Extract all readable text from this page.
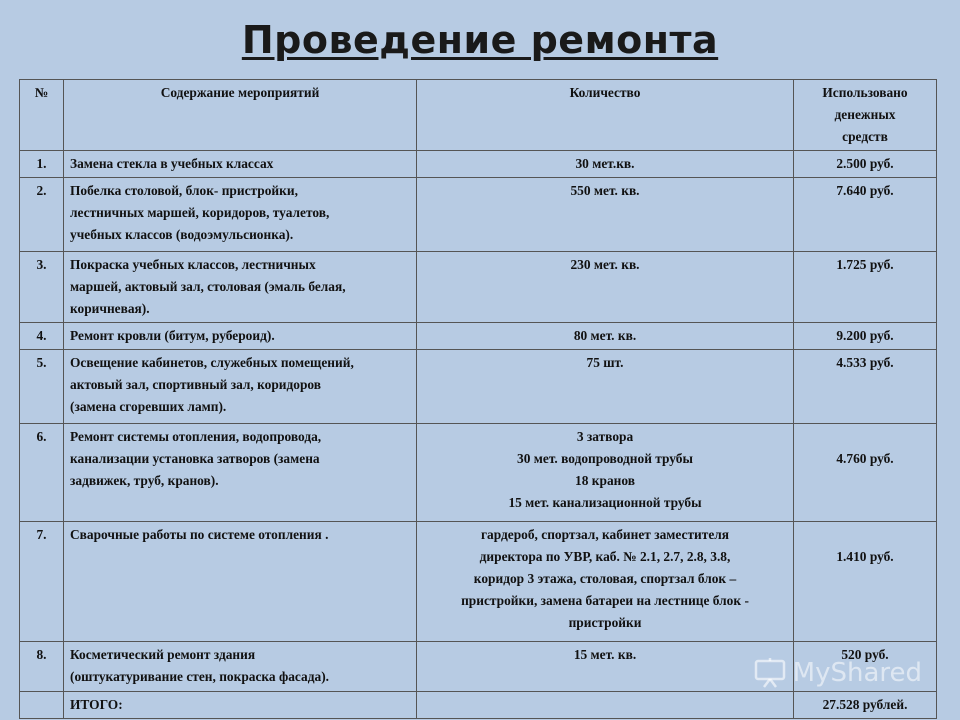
Проведение ремонта
№	Содержание мероприятий	Количество	Использовано
денежных
средств

1.	Замена стекла в учебных классах	30 мет.кв.	2.500 руб.
2.	Побелка столовой, блок- пристройки,
лестничных маршей, коридоров, туалетов,
учебных классов (водоэмульсионка).	550 мет. кв.	7.640 руб.
3.	Покраска учебных классов, лестничных
маршей, актовый зал, столовая (эмаль белая,
коричневая).	230 мет. кв.	1.725 руб.
4.	Ремонт кровли (битум, рубероид).	80 мет. кв.	9.200 руб.
5.	Освещение кабинетов, служебных помещений,
актовый зал, спортивный зал, коридоров
(замена сгоревших ламп).	75 шт.	4.533 руб.
6.	Ремонт системы отопления, водопровода,
канализации установка затворов (замена
задвижек, труб, кранов).	3 затвора
30 мет. водопроводной трубы
18 кранов
15 мет. канализационной трубы	4.760 руб.

7.	Сварочные работы по системе отопления .	гардероб, спортзал, кабинет заместителя
директора по УВР, каб. № 2.1, 2.7, 2.8, 3.8,
коридор 3 этажа, столовая, спортзал блок –
пристройки, замена батареи на лестнице блок -
пристройки	1.410 руб.

8.	Косметический ремонт здания
(оштукатуривание стен, покраска фасада).	15 мет. кв.	520 руб.
	ИТОГО:		27.528 рублей.
MyShared
